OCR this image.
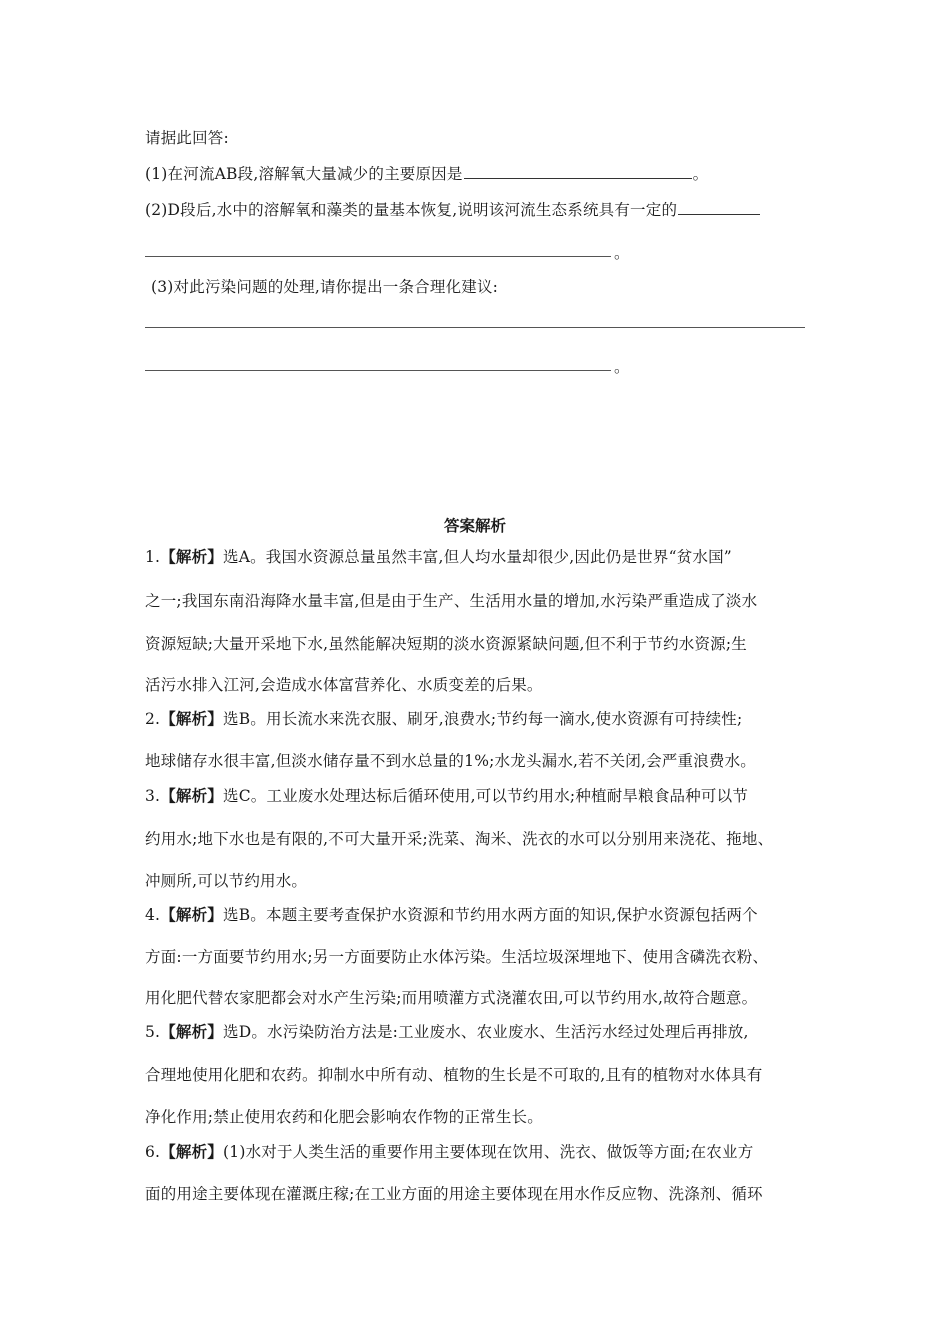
请据此回答:
(1)在河流AB段,溶解氧大量减少的主要原因是	。
(2)D段后,水中的溶解氧和藻类的量基本恢复,说明该河流生态系统具有一定的
。
(3)对此污染问题的处理,请你提出一条合理化建议:
。
答案解析
1.【解析】选A。我国水资源总量虽然丰富,但人均水量却很少,因此仍是世界“贫水国”
之一;我国东南沿海降水量丰富,但是由于生产、生活用水量的增加,水污染严重造成了淡水
资源短缺;大量开采地下水,虽然能解决短期的淡水资源紧缺问题,但不利于节约水资源;生
活污水排入江河,会造成水体富营养化、水质变差的后果。
2.【解析】选B。用长流水来洗衣服、刷牙,浪费水;节约每一滴水,使水资源有可持续性;
地球储存水很丰富,但淡水储存量不到水总量的1%;水龙头漏水,若不关闭,会严重浪费水。
3.【解析】选C。工业废水处理达标后循环使用,可以节约用水;种植耐旱粮食品种可以节
约用水;地下水也是有限的,不可大量开采;洗菜、淘米、洗衣的水可以分别用来浇花、拖地、
冲厕所,可以节约用水。
4.【解析】选B。本题主要考查保护水资源和节约用水两方面的知识,保护水资源包括两个
方面:一方面要节约用水;另一方面要防止水体污染。生活垃圾深埋地下、使用含磷洗衣粉、
用化肥代替农家肥都会对水产生污染;而用喷灌方式浇灌农田,可以节约用水,故符合题意。
5.【解析】选D。水污染防治方法是:工业废水、农业废水、生活污水经过处理后再排放,
合理地使用化肥和农药。抑制水中所有动、植物的生长是不可取的,且有的植物对水体具有
净化作用;禁止使用农药和化肥会影响农作物的正常生长。
6.【解析】(1)水对于人类生活的重要作用主要体现在饮用、洗衣、做饭等方面;在农业方
面的用途主要体现在灌溉庄稼;在工业方面的用途主要体现在用水作反应物、洗涤剂、循环
